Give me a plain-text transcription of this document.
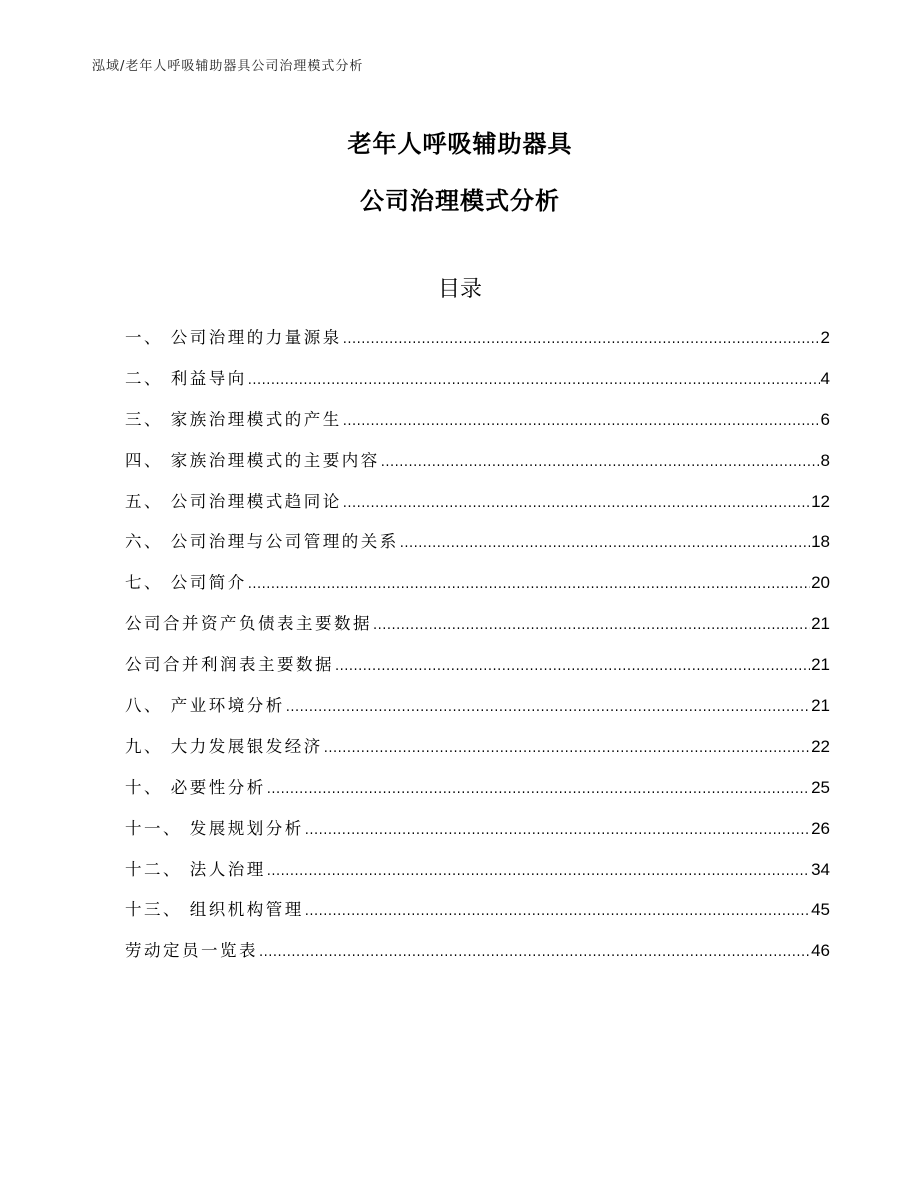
泓域/老年人呼吸辅助器具公司治理模式分析
老年人呼吸辅助器具
公司治理模式分析
目录
一、 公司治理的力量源泉 .....	2
二、 利益导向 .....	4
三、 家族治理模式的产生 .....	6
四、 家族治理模式的主要内容 .....	8
五、 公司治理模式趋同论 .....	12
六、 公司治理与公司管理的关系 .....	18
七、 公司简介 .....	20
公司合并资产负债表主要数据 .....	21
公司合并利润表主要数据 .....	21
八、 产业环境分析 .....	21
九、 大力发展银发经济 .....	22
十、 必要性分析 .....	25
十一、 发展规划分析 .....	26
十二、 法人治理 .....	34
十三、 组织机构管理 .....	45
劳动定员一览表 .....	46
